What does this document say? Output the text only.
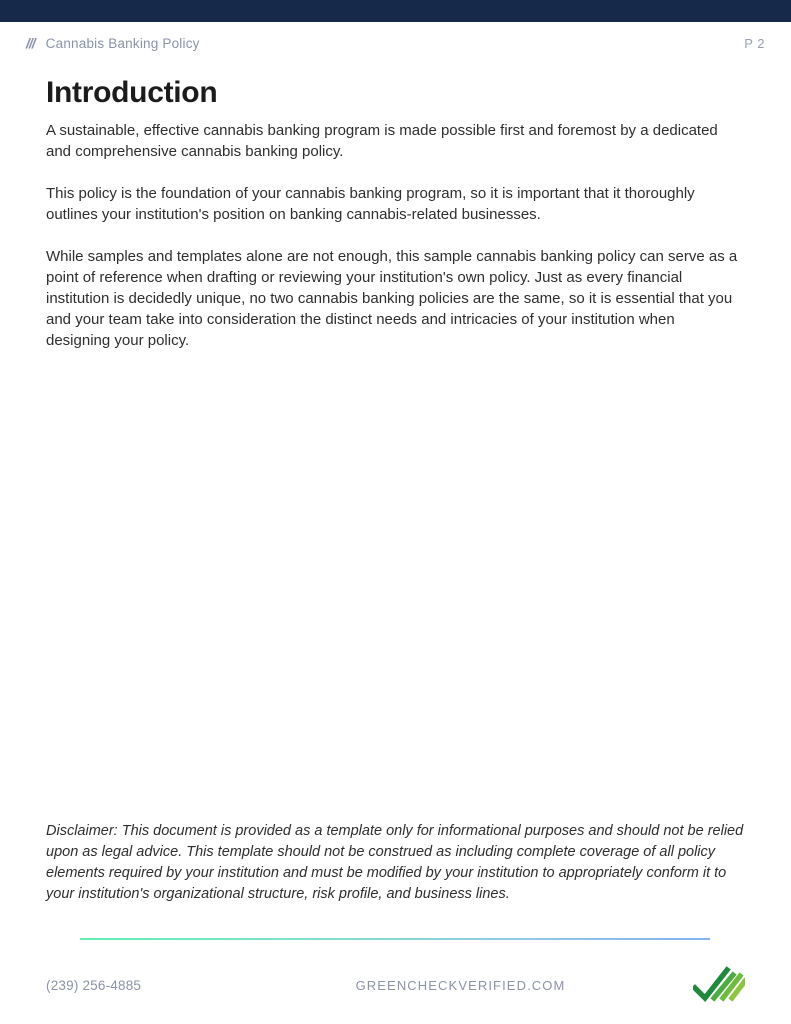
/// Cannabis Banking Policy	P 2
Introduction

A sustainable, effective cannabis banking program is made possible first and foremost by a dedicated and comprehensive cannabis banking policy.

This policy is the foundation of your cannabis banking program, so it is important that it thoroughly outlines your institution's position on banking cannabis-related businesses.

While samples and templates alone are not enough, this sample cannabis banking policy can serve as a point of reference when drafting or reviewing your institution's own policy. Just as every financial institution is decidedly unique, no two cannabis banking policies are the same, so it is essential that you and your team take into consideration the distinct needs and intricacies of your institution when designing your policy.

Disclaimer: This document is provided as a template only for informational purposes and should not be relied upon as legal advice. This template should not be construed as including complete coverage of all policy elements required by your institution and must be modified by your institution to appropriately conform it to your institution's organizational structure, risk profile, and business lines.
(239) 256-4885	GREENCHECKVERIFIED.COM
